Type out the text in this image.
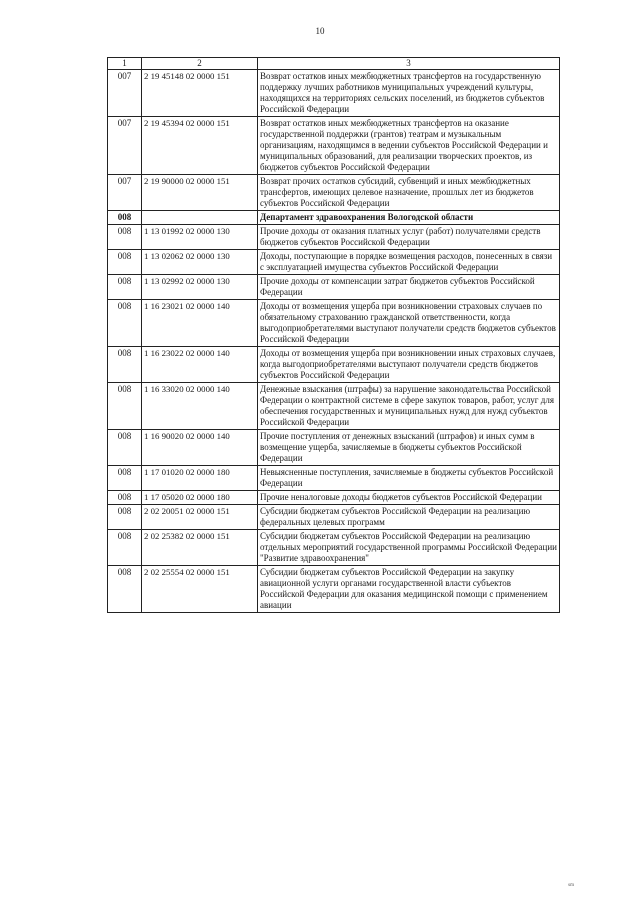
10
1	2	3
007	2 19 45148 02 0000 151	Возврат остатков иных межбюджетных трансфертов на государственную поддержку лучших работников муниципальных учреждений культуры, находящихся на территориях сельских поселений, из бюджетов субъектов Российской Федерации
007	2 19 45394 02 0000 151	Возврат остатков иных межбюджетных трансфертов на оказание государственной поддержки (грантов) театрам и музыкальным организациям, находящимся в ведении субъектов Российской Федерации и муниципальных образований, для реализации творческих проектов, из бюджетов субъектов Российской Федерации
007	2 19 90000 02 0000 151	Возврат прочих остатков субсидий, субвенций и иных межбюджетных трансфертов, имеющих целевое назначение, прошлых лет из бюджетов субъектов Российской Федерации
008		Департамент здравоохранения Вологодской области
008	1 13 01992 02 0000 130	Прочие доходы от оказания платных услуг (работ) получателями средств бюджетов субъектов Российской Федерации
008	1 13 02062 02 0000 130	Доходы, поступающие в порядке возмещения расходов, понесенных в связи с эксплуатацией имущества субъектов Российской Федерации
008	1 13 02992 02 0000 130	Прочие доходы от компенсации затрат бюджетов субъектов Российской Федерации
008	1 16 23021 02 0000 140	Доходы от возмещения ущерба при возникновении страховых случаев по обязательному страхованию гражданской ответственности, когда выгодоприобретателями выступают получатели средств бюджетов субъектов Российской Федерации
008	1 16 23022 02 0000 140	Доходы от возмещения ущерба при возникновении иных страховых случаев, когда выгодоприобретателями выступают получатели средств бюджетов субъектов Российской Федерации
008	1 16 33020 02 0000 140	Денежные взыскания (штрафы) за нарушение законодательства Российской Федерации о контрактной системе в сфере закупок товаров, работ, услуг для обеспечения государственных и муниципальных нужд для нужд субъектов Российской Федерации
008	1 16 90020 02 0000 140	Прочие поступления от денежных взысканий (штрафов) и иных сумм в возмещение ущерба, зачисляемые в бюджеты субъектов Российской Федерации
008	1 17 01020 02 0000 180	Невыясненные поступления, зачисляемые в бюджеты субъектов Российской Федерации
008	1 17 05020 02 0000 180	Прочие неналоговые доходы бюджетов субъектов Российской Федерации
008	2 02 20051 02 0000 151	Субсидии бюджетам субъектов Российской Федерации на реализацию федеральных целевых программ
008	2 02 25382 02 0000 151	Субсидии бюджетам субъектов Российской Федерации на реализацию отдельных мероприятий государственной программы Российской Федерации "Развитие здравоохранения"
008	2 02 25554 02 0000 151	Субсидии бюджетам субъектов Российской Федерации на закупку авиационной услуги органами государственной власти субъектов Российской Федерации для оказания медицинской помощи с применением авиации
sm
